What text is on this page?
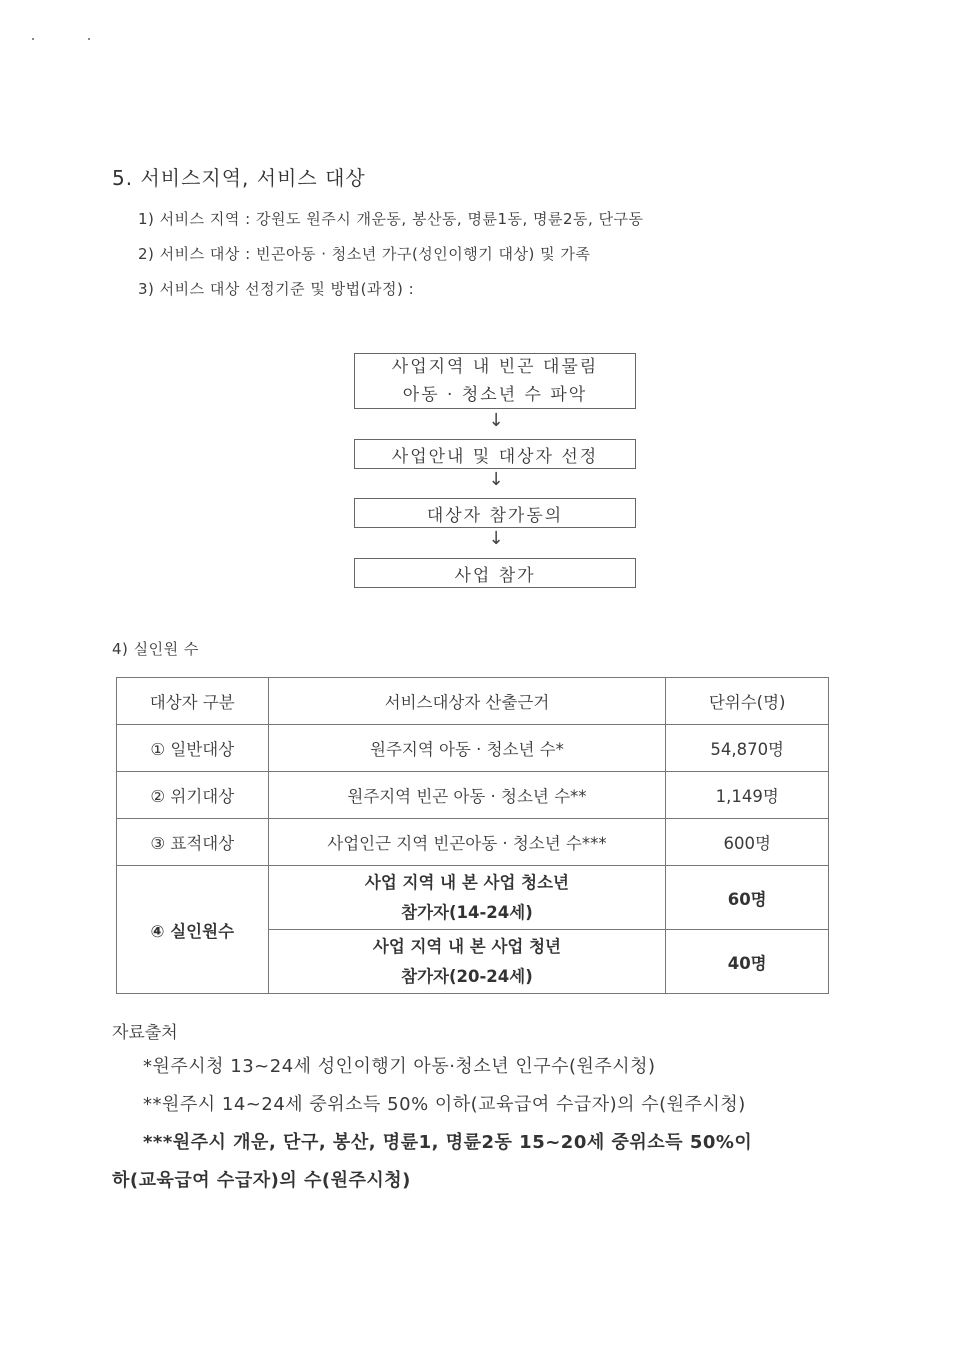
5. 서비스지역, 서비스 대상
1) 서비스 지역 : 강원도 원주시 개운동, 봉산동, 명륜1동, 명륜2동, 단구동
2) 서비스 대상 : 빈곤아동 · 청소년 가구(성인이행기 대상) 및 가족
3) 서비스 대상 선정기준 및 방법(과정) :
사업지역 내 빈곤 대물림
아동 · 청소년 수 파악
↓
사업안내 및 대상자 선정
↓
대상자 참가동의
↓
사업 참가
4) 실인원 수
대상자 구분	서비스대상자 산출근거	단위수(명)
① 일반대상	원주지역 아동 · 청소년 수*	54,870명
② 위기대상	원주지역 빈곤 아동 · 청소년 수**	1,149명
③ 표적대상	사업인근 지역 빈곤아동 · 청소년 수***	600명
④ 실인원수	사업 지역 내 본 사업 청소년
참가자(14-24세)	60명

	사업 지역 내 본 사업 청년
참가자(20-24세)	40명
자료출처
*원주시청 13~24세 성인이행기 아동·청소년 인구수(원주시청)
**원주시 14~24세 중위소득 50% 이하(교육급여 수급자)의 수(원주시청)
***원주시 개운, 단구, 봉산, 명륜1, 명륜2동 15~20세 중위소득 50%이
하(교육급여 수급자)의 수(원주시청)
